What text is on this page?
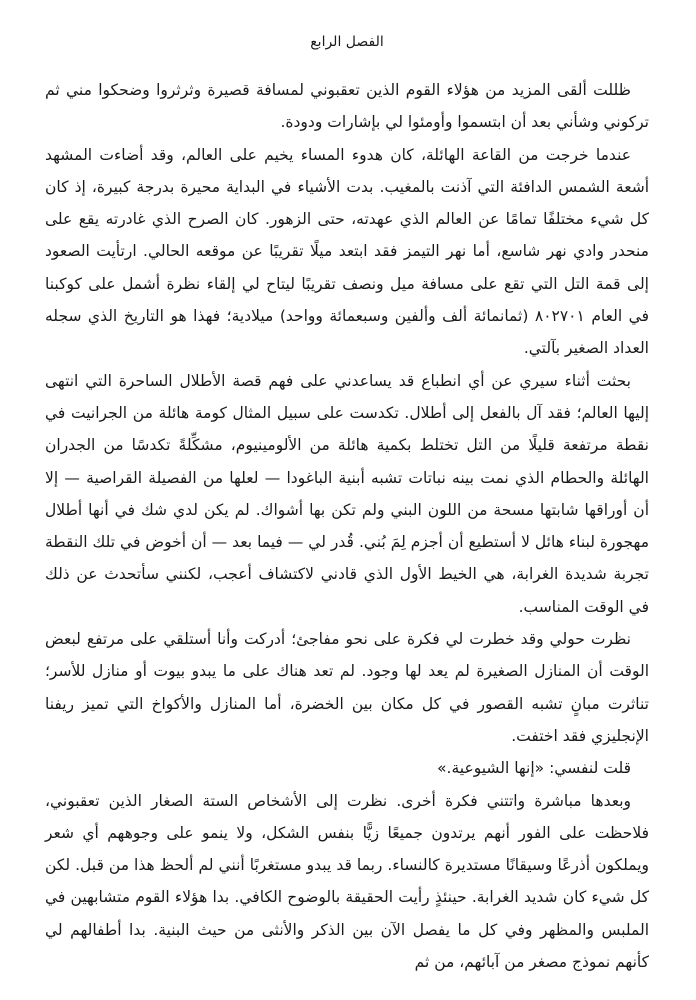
الفصل الرابع

ظللت ألقى المزيد من هؤلاء القوم الذين تعقبوني لمسافة قصيرة وثرثروا وضحكوا مني ثم تركوني وشأني بعد أن ابتسموا وأومئوا لي بإشارات ودودة.

عندما خرجت من القاعة الهائلة، كان هدوء المساء يخيم على العالم، وقد أضاءت المشهد أشعة الشمس الدافئة التي آذنت بالمغيب. بدت الأشياء في البداية محيرة بدرجة كبيرة، إذ كان كل شيء مختلفًا تمامًا عن العالم الذي عهدته، حتى الزهور. كان الصرح الذي غادرته يقع على منحدر وادي نهر شاسع، أما نهر التيمز فقد ابتعد ميلًا تقريبًا عن موقعه الحالي. ارتأيت الصعود إلى قمة التل التي تقع على مسافة ميل ونصف تقريبًا ليتاح لي إلقاء نظرة أشمل على كوكبنا في العام ٨٠٢٧٠١ (ثمانمائة ألف وألفين وسبعمائة وواحد) ميلادية؛ فهذا هو التاريخ الذي سجله العداد الصغير بآلتي.

بحثت أثناء سيري عن أي انطباع قد يساعدني على فهم قصة الأطلال الساحرة التي انتهى إليها العالم؛ فقد آل بالفعل إلى أطلال. تكدست على سبيل المثال كومة هائلة من الجرانيت في نقطة مرتفعة قليلًا من التل تختلط بكمية هائلة من الألومينيوم، مشكِّلةً تكدسًا من الجدران الهائلة والحطام الذي نمت بينه نباتات تشبه أبنية الباغودا — لعلها من الفصيلة القراصية — إلا أن أوراقها شابتها مسحة من اللون البني ولم تكن بها أشواك. لم يكن لدي شك في أنها أطلال مهجورة لبناء هائل لا أستطيع أن أجزم لِمَ بُني. قُدر لي — فيما بعد — أن أخوض في تلك النقطة تجربة شديدة الغرابة، هي الخيط الأول الذي قادني لاكتشاف أعجب، لكنني سأتحدث عن ذلك في الوقت المناسب.

نظرت حولي وقد خطرت لي فكرة على نحو مفاجئ؛ أدركت وأنا أستلقي على مرتفع لبعض الوقت أن المنازل الصغيرة لم يعد لها وجود. لم تعد هناك على ما يبدو بيوت أو منازل للأسر؛ تناثرت مبانٍ تشبه القصور في كل مكان بين الخضرة، أما المنازل والأكواخ التي تميز ريفنا الإنجليزي فقد اختفت.

قلت لنفسي: «إنها الشيوعية.»

وبعدها مباشرة واتتني فكرة أخرى. نظرت إلى الأشخاص الستة الصغار الذين تعقبوني، فلاحظت على الفور أنهم يرتدون جميعًا زيًّا بنفس الشكل، ولا ينمو على وجوههم أي شعر ويملكون أذرعًا وسيقانًا مستديرة كالنساء. ربما قد يبدو مستغربًا أنني لم ألحظ هذا من قبل. لكن كل شيء كان شديد الغرابة. حينئذٍ رأيت الحقيقة بالوضوح الكافي. بدا هؤلاء القوم متشابهين في الملبس والمظهر وفي كل ما يفصل الآن بين الذكر والأنثى من حيث البنية. بدا أطفالهم لي كأنهم نموذج مصغر من آبائهم، من ثم
